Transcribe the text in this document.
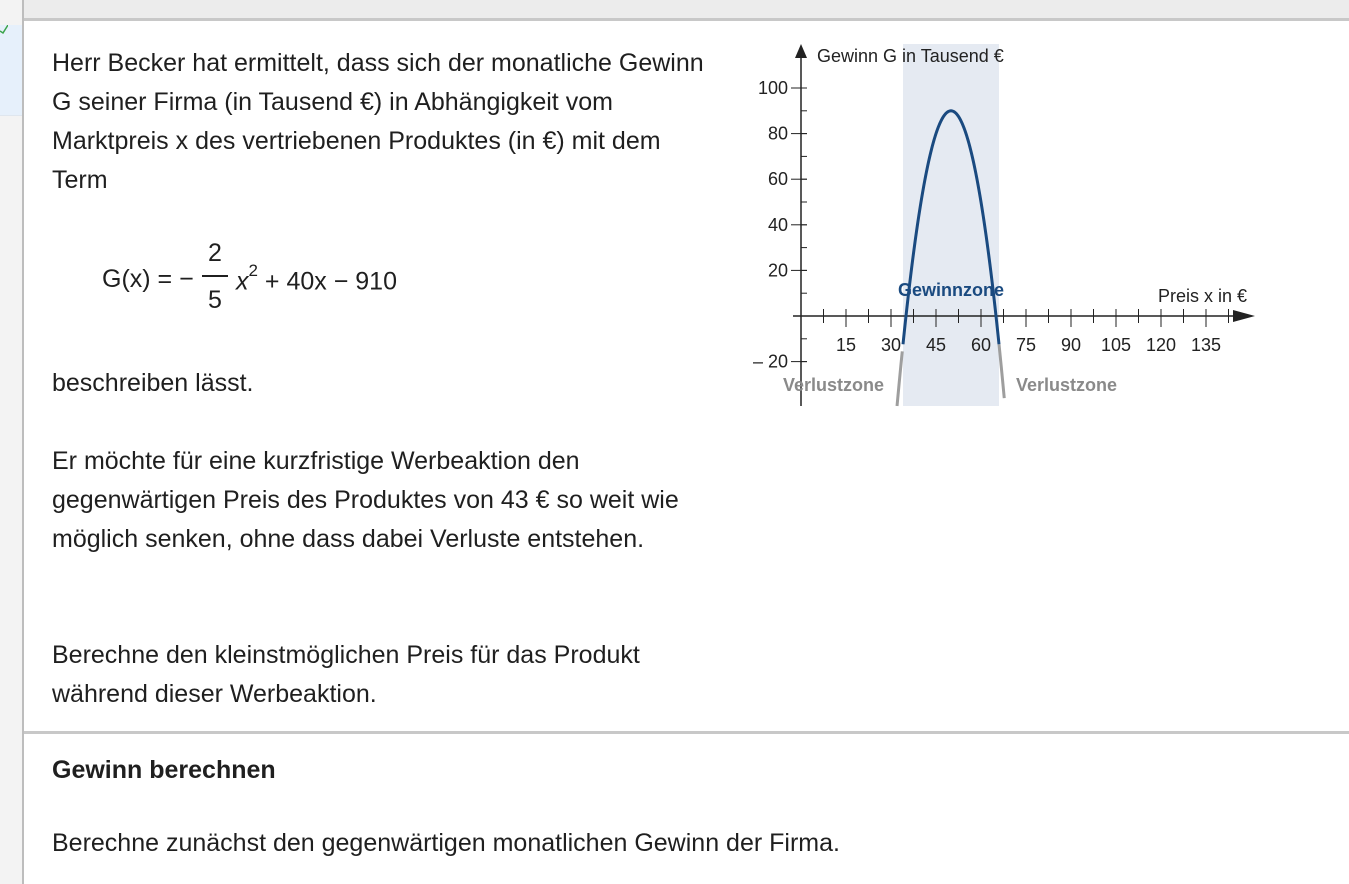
Herr Becker hat ermittelt, dass sich der monatliche Gewinn G seiner Firma (in Tausend €) in Abhängigkeit vom Marktpreis x des vertriebenen Produktes (in €) mit dem Term

G(x) = −
2
5
$x^2 + 40x - 910$

beschreiben lässt.

Er möchte für eine kurzfristige Werbeaktion den gegenwärtigen Preis des Produktes von 43 € so weit wie möglich senken, ohne dass dabei Verluste entstehen.

Berechne den kleinstmöglichen Preis für das Produkt während dieser Werbeaktion.

Gewinn berechnen

Berechne zunächst den gegenwärtigen monatlichen Gewinn der Firma.

15 30 45 60 75 90 105 120 135
– 20
20
40
60
80
100
Gewinn G in Tausend €
Preis x in €
Gewinnzone
Verlustzone	Verlustzone
